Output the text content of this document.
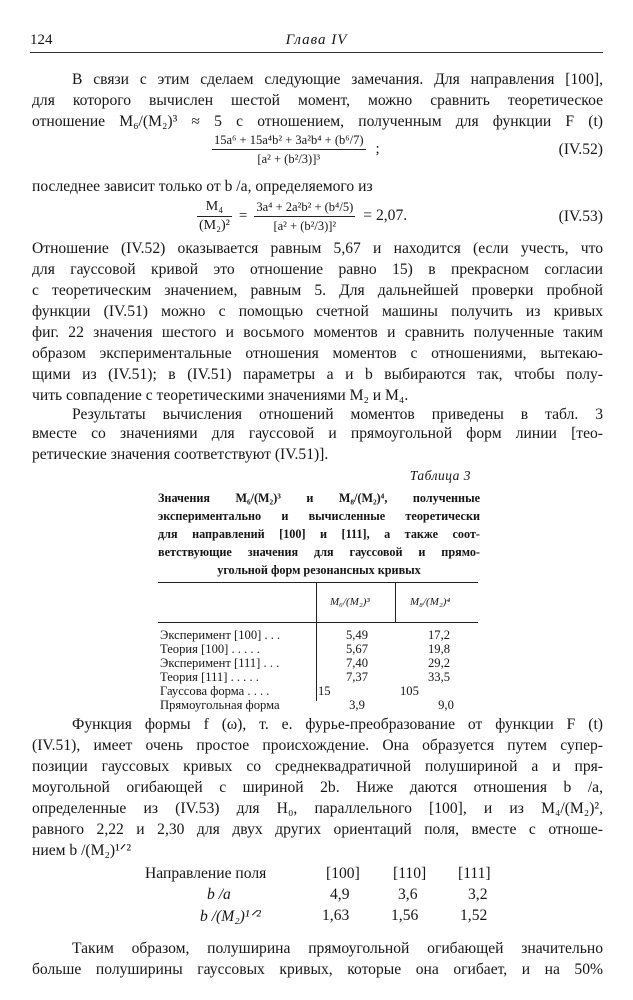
124	Глава IV
В связи с этим сделаем следующие замечания. Для направления [100],
для которого вычислен шестой момент, можно сравнить теоретическое
отношение M₆/(M₂)³ ≈ 5 с отношением, полученным для функции F (t)
$\frac{\text{15a⁶ + 15a⁴b² + 3a²b⁴ + (b⁶/7)}}{\text{[a² + (b²/3)]³}}$ ;	(IV.52)
последнее зависит только от b /a, определяемого из
$\frac{\text{M₄}}{\text{(M₂)²}} = \frac{\text{3a⁴ + 2a²b² + (b⁴/5)}}{\text{[a² + (b²/3)]²}} = 2,07$.	(IV.53)
Отношение (IV.52) оказывается равным 5,67 и находится (если учесть, что
для гауссовой кривой это отношение равно 15) в прекрасном согласии
с теоретическим значением, равным 5. Для дальнейшей проверки пробной
функции (IV.51) можно с помощью счетной машины получить из кривых
фиг. 22 значения шестого и восьмого моментов и сравнить полученные таким
образом экспериментальные отношения моментов с отношениями, вытекаю-
щими из (IV.51); в (IV.51) параметры a и b выбираются так, чтобы полу-
чить совпадение с теоретическими значениями M₂ и M₄.
Результаты вычисления отношений моментов приведены в табл. 3
вместе со значениями для гауссовой и прямоугольной форм линии [тео-
ретические значения соответствуют (IV.51)].
Таблица 3
Значения M₆/(M₂)³ и M₈/(M₂)⁴, полученные
M₆/(M₂)³	M₈/(M₂)⁴
Эксперимент [100] . . .	5,49	17,2
Теория [100] . . . . .	5,67	19,8
Эксперимент [111] . . .	7,40	29,2
Теория [111] . . . . .	7,37	33,5
Гауссова форма . . . .	15	105
Прямоугольная форма	3,9	9,0
Функция формы f (ω), т. е. фурье-преобразование от функции F (t)
(IV.51), имеет очень простое происхождение. Она образуется путем супер-
позиции гауссовых кривых со среднеквадратичной полушириной a и пря-
моугольной огибающей с шириной 2b. Ниже даются отношения b /a,
определенные из (IV.53) для H₀, параллельного [100], и из M₄/(M₂)²,
равного 2,22 и 2,30 для двух других ориентаций поля, вместе с отноше-
нием b /(M₂)¹ᐟ²
Направление поля	[100] [110] [111]
b /a	4,9	3,6	3,2
b /(M₂)¹ᐟ²	1,63	1,56	1,52
Таким образом, полуширина прямоугольной огибающей значительно
больше полуширины гауссовых кривых, которые она огибает, и на 50%
экспериментально и вычисленные теоретически
для направлений [100] и [111], а также соот-
ветствующие значения для гауссовой и прямо-
угольной форм резонансных кривых
